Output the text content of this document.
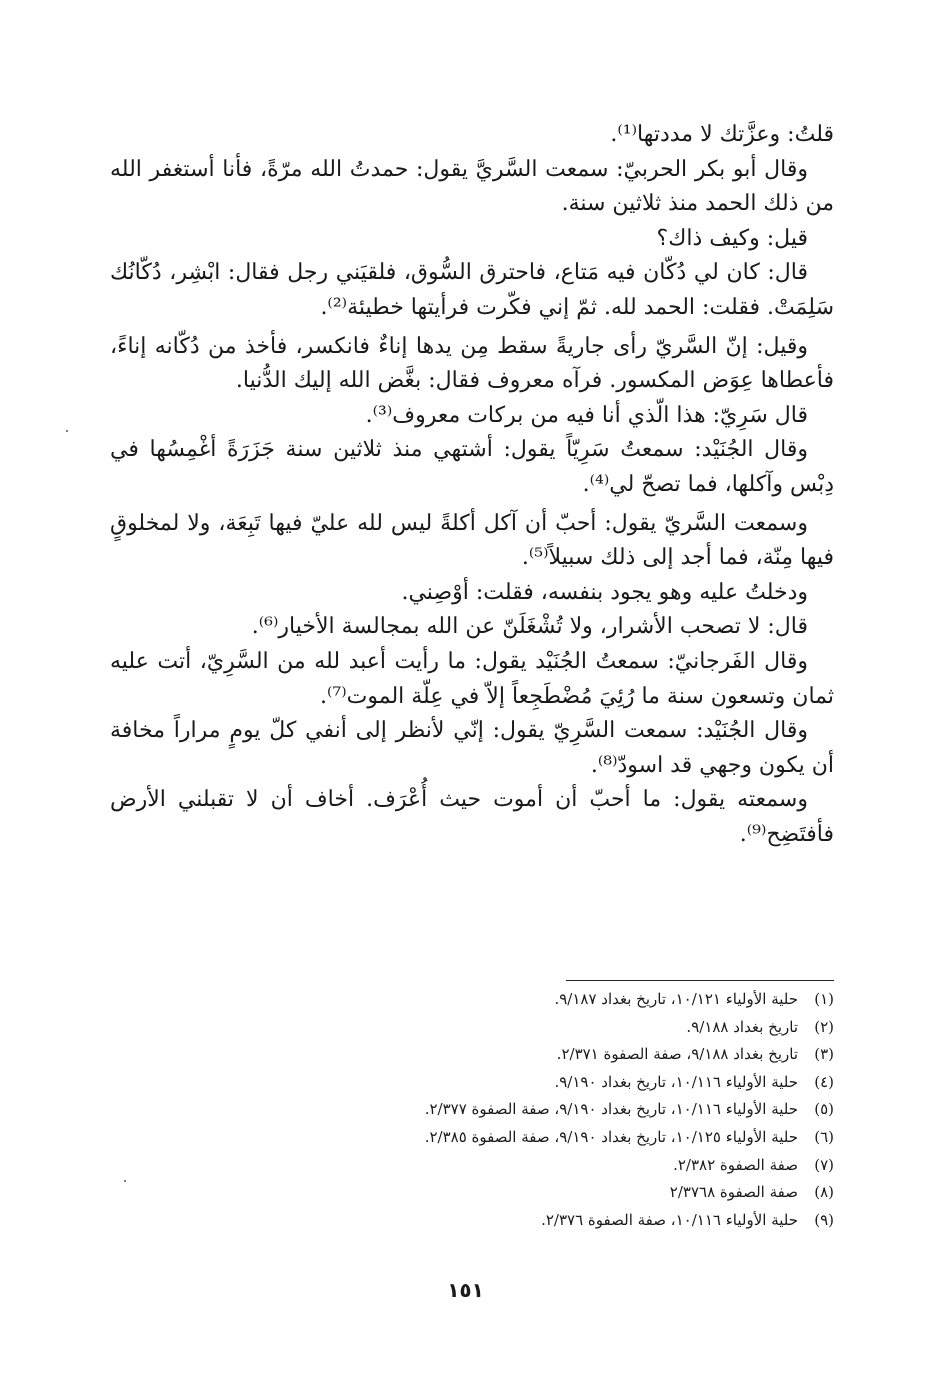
قلتُ: وعزَّتك لا مددتها⁽¹⁾.

وقال أبو بكر الحربيّ: سمعت السَّريَّ يقول: حمدتُ الله مرّةً، فأنا أستغفر الله من ذلك الحمد منذ ثلاثين سنة.

قيل: وكيف ذاك؟

قال: كان لي دُكّان فيه مَتاع، فاحترق السُّوق، فلقيَني رجل فقال: ابْشِر، دُكّانُك سَلِمَتْ. فقلت: الحمد لله. ثمّ إني فكّرت فرأيتها خطيئة⁽²⁾.

وقيل: إنّ السَّريّ رأى جاريةً سقط مِن يدها إناءٌ فانكسر، فأخذ من دُكّانه إناءً، فأعطاها عِوَض المكسور. فرآه معروف فقال: بغَّض الله إليك الدُّنيا.

قال سَرِيّ: هذا الّذي أنا فيه من بركات معروف⁽³⁾.

وقال الجُنَيْد: سمعتُ سَرِيّاً يقول: أشتهي منذ ثلاثين سنة جَزَرَةً أغْمِسُها في دِبْس وآكلها، فما تصحّ لي⁽⁴⁾.

وسمعت السَّريّ يقول: أحبّ أن آكل أكلةً ليس لله عليّ فيها تَبِعَة، ولا لمخلوقٍ فيها مِنّة، فما أجد إلى ذلك سبيلاً⁽⁵⁾.

ودخلتُ عليه وهو يجود بنفسه، فقلت: أوْصِني.

قال: لا تصحب الأشرار، ولا تُشْغَلَنّ عن الله بمجالسة الأخيار⁽⁶⁾.

وقال الفَرجانيّ: سمعتُ الجُنَيْد يقول: ما رأيت أعبد لله من السَّرِيّ، أتت عليه ثمان وتسعون سنة ما رُئِيَ مُضْطَجِعاً إلاّ في عِلّة الموت⁽⁷⁾.

وقال الجُنَيْد: سمعت السَّرِيّ يقول: إنّي لأنظر إلى أنفي كلّ يومٍ مراراً مخافة أن يكون وجهي قد اسودّ⁽⁸⁾.

وسمعته يقول: ما أحبّ أن أموت حيث أُعْرَف. أخاف أن لا تقبلني الأرض فأفتَضِح⁽⁹⁾.

(١)
حلية الأولياء ١٠/١٢١، تاريخ بغداد ٩/١٨٧.
(٢)
تاريخ بغداد ٩/١٨٨.
(٣)
تاريخ بغداد ٩/١٨٨، صفة الصفوة ٢/٣٧١.
(٤)
حلية الأولياء ١٠/١١٦، تاريخ بغداد ٩/١٩٠.
(٥)
حلية الأولياء ١٠/١١٦، تاريخ بغداد ٩/١٩٠، صفة الصفوة ٢/٣٧٧.
(٦)
حلية الأولياء ١٠/١٢٥، تاريخ بغداد ٩/١٩٠، صفة الصفوة ٢/٣٨٥.
(٧)
صفة الصفوة ٢/٣٨٢.
(٨)
صفة الصفوة ٢/٣٧٦٨
(٩)
حلية الأولياء ١٠/١١٦، صفة الصفوة ٢/٣٧٦.
١٥١
